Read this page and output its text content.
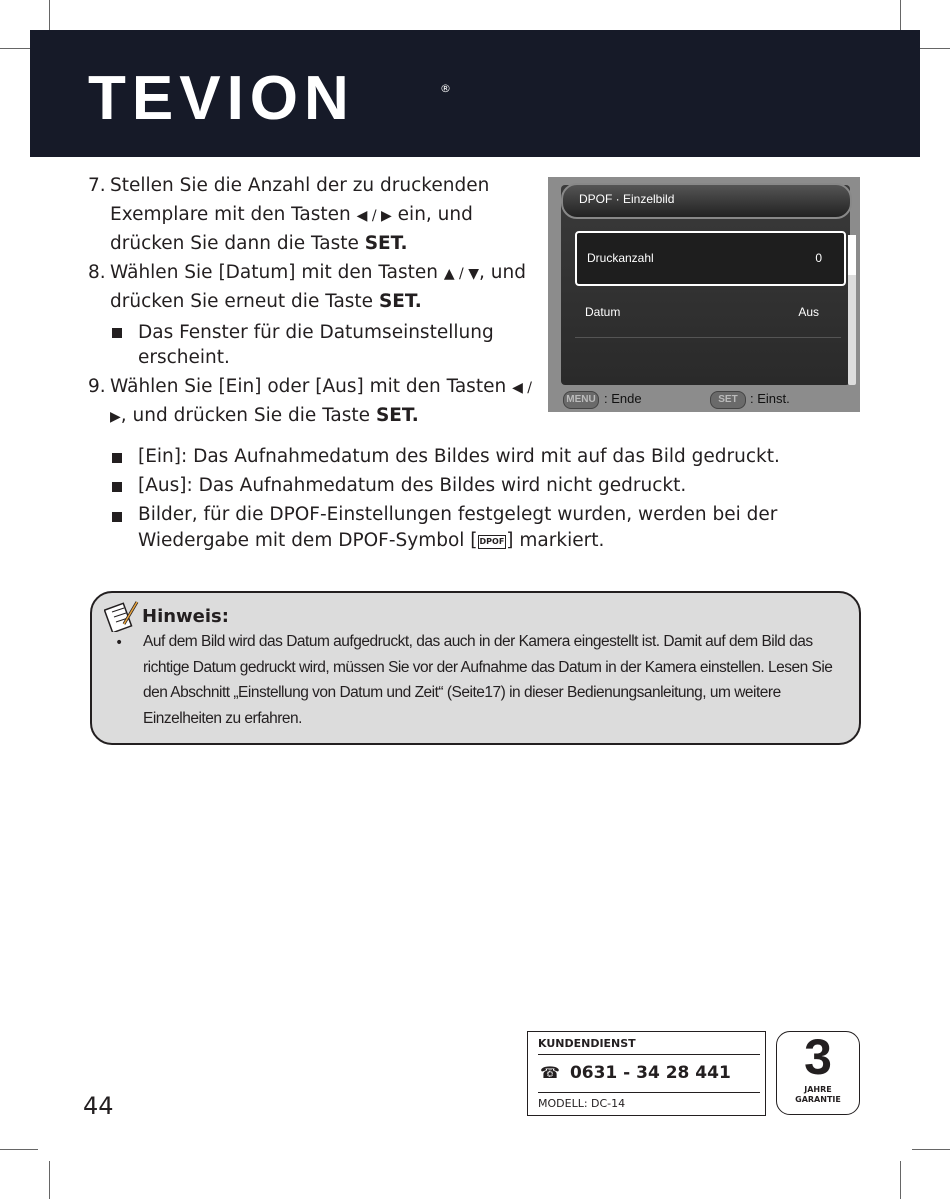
TEVION	®
7. Stellen Sie die Anzahl der zu druckenden Exemplare mit den Tasten ◀ / ▶ ein, und drücken Sie dann die Taste SET.
8. Wählen Sie [Datum] mit den Tasten ▲ / ▼, und drücken Sie erneut die Taste SET.
Das Fenster für die Datumseinstellung erscheint.
9. Wählen Sie [Ein] oder [Aus] mit den Tasten ◀ / ▶, und drücken Sie die Taste SET.
Druckanzahl	0
Datum	Aus
DPOF · Einzelbild
MENU : Ende	SET : Einst.
[Ein]: Das Aufnahmedatum des Bildes wird mit auf das Bild gedruckt.
[Aus]: Das Aufnahmedatum des Bildes wird nicht gedruckt.
Bilder, für die DPOF-Einstellungen festgelegt wurden, werden bei der Wiedergabe mit dem DPOF-Symbol [ DPOF ] markiert.
Hinweis:
• Auf dem Bild wird das Datum aufgedruckt, das auch in der Kamera eingestellt ist. Damit auf dem Bild das richtige Datum gedruckt wird, müssen Sie vor der Aufnahme das Datum in der Kamera einstellen. Lesen Sie den Abschnitt „Einstellung von Datum und Zeit“ (Seite17) in dieser Bedienungsanleitung, um weitere Einzelheiten zu erfahren.
44
KUNDENDIENST
☎ 0631 - 34 28 441
MODELL: DC-14
3
JAHRE
GARANTIE
